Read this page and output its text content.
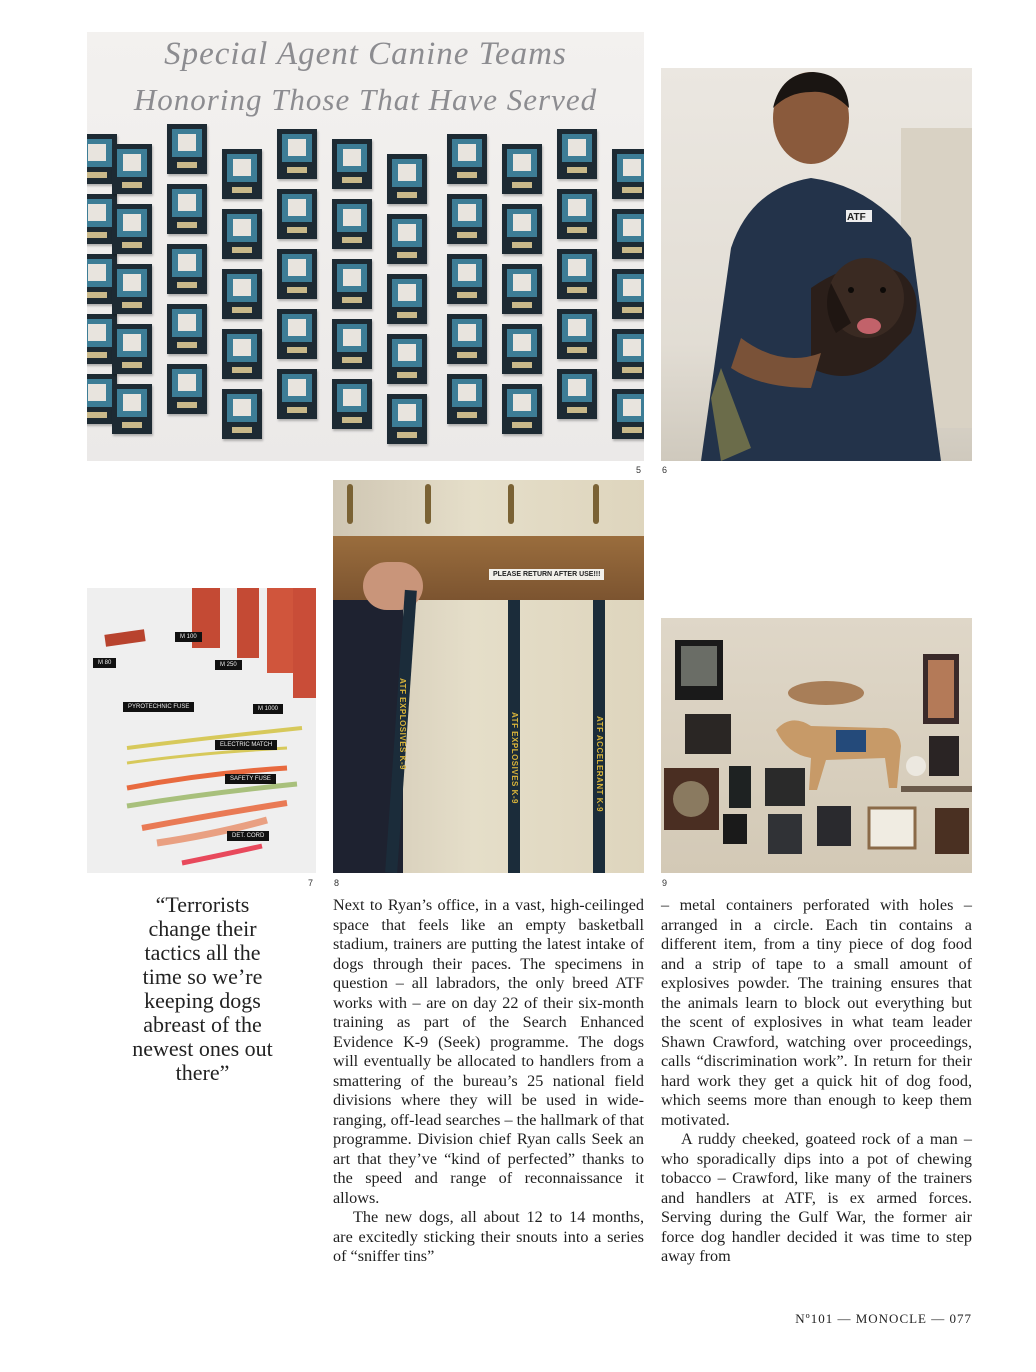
Special Agent Canine Teams
Honoring Those That Have Served
5
ATF
6
M 100
M 80	M 250
PYROTECHNIC FUSE	M 1000
ELECTRIC MATCH
SAFETY FUSE
DET. CORD
7
PLEASE RETURN AFTER USE!!!
ATF EXPLOSIVES K-9	ATF EXPLOSIVES K-9	ATF ACCELERANT K-9
8	9
“Terrorists change their tactics all the time so we’re keeping dogs abreast of the newest ones out there”

Next to Ryan’s office, in a vast, high-ceilinged space that feels like an empty basketball stadium, trainers are putting the latest intake of dogs through their paces. The specimens in question – all labradors, the only breed ATF works with – are on day 22 of their six-month training as part of the Search Enhanced Evidence K-9 (Seek) programme. The dogs will eventually be allocated to handlers from a smattering of the bureau’s 25 national field divisions where they will be used in wide-ranging, off-lead searches – the hallmark of that programme. Division chief Ryan calls Seek an art that they’ve “kind of perfected” thanks to the speed and range of reconnaissance it allows.

The new dogs, all about 12 to 14 months, are excitedly sticking their snouts into a series of “sniffer tins”

– metal containers perforated with holes – arranged in a circle. Each tin contains a different item, from a tiny piece of dog food and a strip of tape to a small amount of explosives powder. The training ensures that the animals learn to block out everything but the scent of explosives in what team leader Shawn Crawford, watching over proceedings, calls “discrimination work”. In return for their hard work they get a quick hit of dog food, which seems more than enough to keep them motivated.

A ruddy cheeked, goateed rock of a man – who sporadically dips into a pot of chewing tobacco – Crawford, like many of the trainers and handlers at ATF, is ex armed forces. Serving during the Gulf War, the former air force dog handler decided it was time to step away from

Nº101 — MONOCLE — 077
